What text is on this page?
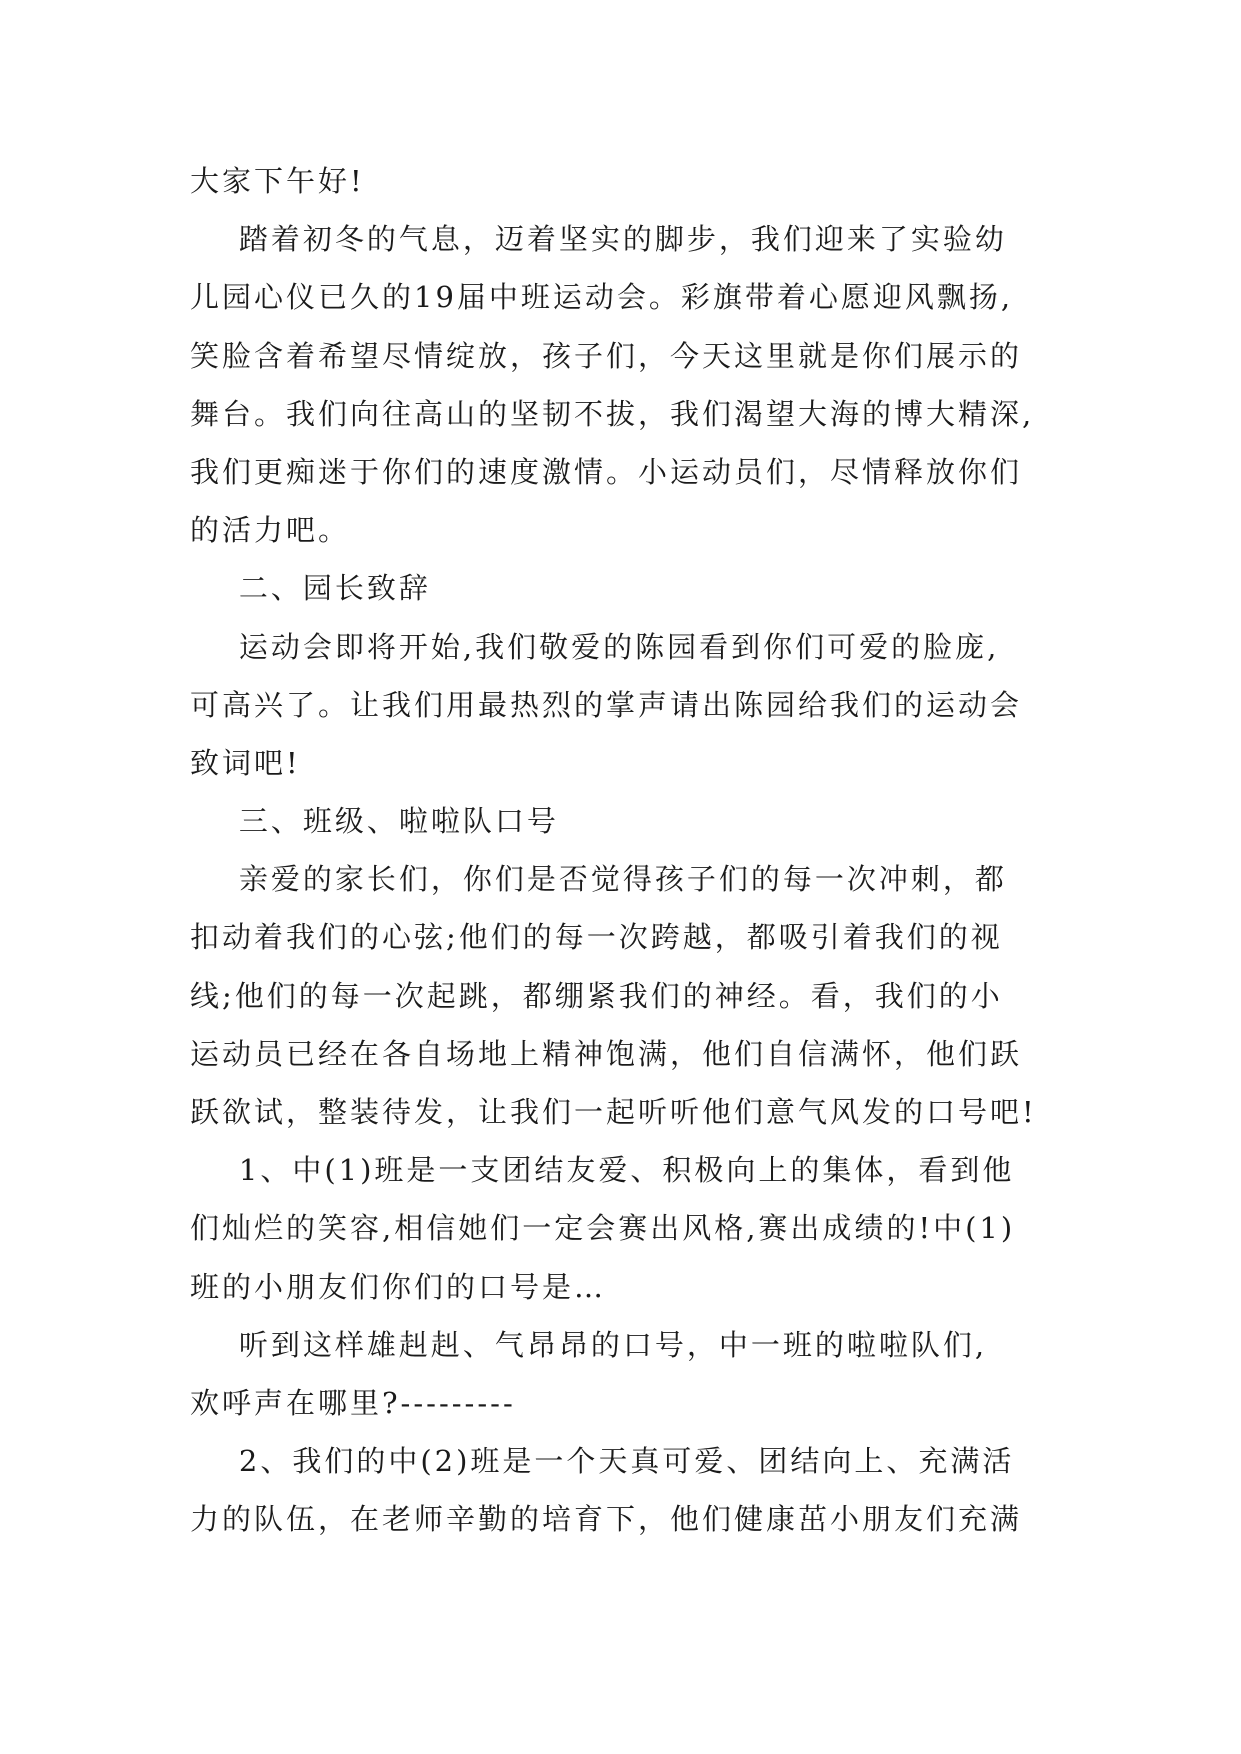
大家下午好!
踏着初冬的气息，迈着坚实的脚步，我们迎来了实验幼
儿园心仪已久的19届中班运动会。彩旗带着心愿迎风飘扬,
笑脸含着希望尽情绽放，孩子们，今天这里就是你们展示的
舞台。我们向往高山的坚韧不拔，我们渴望大海的博大精深,
我们更痴迷于你们的速度激情。小运动员们，尽情释放你们
的活力吧。
二、园长致辞
运动会即将开始,我们敬爱的陈园看到你们可爱的脸庞,
可高兴了。让我们用最热烈的掌声请出陈园给我们的运动会
致词吧!
三、班级、啦啦队口号
亲爱的家长们，你们是否觉得孩子们的每一次冲刺，都
扣动着我们的心弦;他们的每一次跨越，都吸引着我们的视
线;他们的每一次起跳，都绷紧我们的神经。看，我们的小
运动员已经在各自场地上精神饱满，他们自信满怀，他们跃
跃欲试，整装待发，让我们一起听听他们意气风发的口号吧!
1、中(1)班是一支团结友爱、积极向上的集体，看到他
们灿烂的笑容,相信她们一定会赛出风格,赛出成绩的!中(1)
班的小朋友们你们的口号是…
听到这样雄赳赳、气昂昂的口号，中一班的啦啦队们,
欢呼声在哪里?---------
2、我们的中(2)班是一个天真可爱、团结向上、充满活
力的队伍，在老师辛勤的培育下，他们健康茁小朋友们充满
